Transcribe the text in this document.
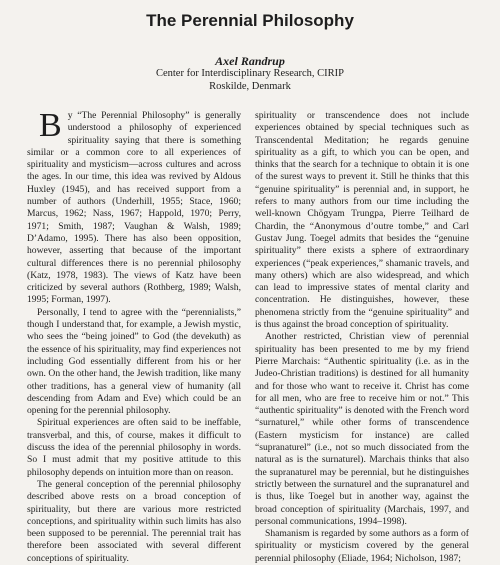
The Perennial Philosophy
Axel Randrup
Center for Interdisciplinary Research, CIRIP
Roskilde, Denmark
B y “The Perennial Philosophy” is generally understood a philosophy of experienced spirituality saying that there is something similar or a common core to all experiences of spirituality and mysticism—across cultures and across the ages. In our time, this idea was revived by Aldous Huxley (1945), and has received support from a number of authors (Underhill, 1955; Stace, 1960; Marcus, 1962; Nass, 1967; Happold, 1970; Perry, 1971; Smith, 1987; Vaughan & Walsh, 1989; D’Adamo, 1995). There has also been opposition, however, asserting that because of the important cultural differences there is no perennial philosophy (Katz, 1978, 1983). The views of Katz have been criticized by several authors (Rothberg, 1989; Walsh, 1995; Forman, 1997).

Personally, I tend to agree with the “perennialists,” though I understand that, for example, a Jewish mystic, who sees the “being joined” to God (the devekuth) as the essence of his spirituality, may find experiences not including God essentially different from his or her own. On the other hand, the Jewish tradition, like many other traditions, has a general view of humanity (all descending from Adam and Eve) which could be an opening for the perennial philosophy.

Spiritual experiences are often said to be ineffable, transverbal, and this, of course, makes it difficult to discuss the idea of the perennial philosophy in words. So I must admit that my positive attitude to this philosophy depends on intuition more than on reason.

The general conception of the perennial philosophy described above rests on a broad conception of spirituality, but there are various more restricted conceptions, and spirituality within such limits has also been supposed to be perennial. The perennial trait has therefore been associated with several different conceptions of spirituality.

spirituality or transcendence does not include experiences obtained by special techniques such as Transcendental Meditation; he regards genuine spirituality as a gift, to which you can be open, and thinks that the search for a technique to obtain it is one of the surest ways to prevent it. Still he thinks that this “genuine spirituality” is perennial and, in support, he refers to many authors from our time including the well-known Chögyam Trungpa, Pierre Teilhard de Chardin, the “Anonymous d’outre tombe,” and Carl Gustav Jung. Toegel admits that besides the “genuine spirituality” there exists a sphere of extraordinary experiences (“peak experiences,” shamanic travels, and many others) which are also widespread, and which can lead to impressive states of mental clarity and concentration. He distinguishes, however, these phenomena strictly from the “genuine spirituality” and is thus against the broad conception of spirituality.

Another restricted, Christian view of perennial spirituality has been presented to me by my friend Pierre Marchais: “Authentic spirituality (i.e. as in the Judeo-Christian traditions) is destined for all humanity and for those who want to receive it. Christ has come for all men, who are free to receive him or not.” This “authentic spirituality” is denoted with the French word “surnaturel,” while other forms of transcendence (Eastern mysticism for instance) are called “supranaturel” (i.e., not so much dissociated from the natural as is the surnaturel). Marchais thinks that also the supranaturel may be perennial, but he distinguishes strictly between the surnaturel and the supranaturel and is thus, like Toegel but in another way, against the broad conception of spirituality (Marchais, 1997, and personal communications, 1994–1998).

Shamanism is regarded by some authors as a form of spirituality or mysticism covered by the general perennial philosophy (Eliade, 1964; Nicholson, 1987;
